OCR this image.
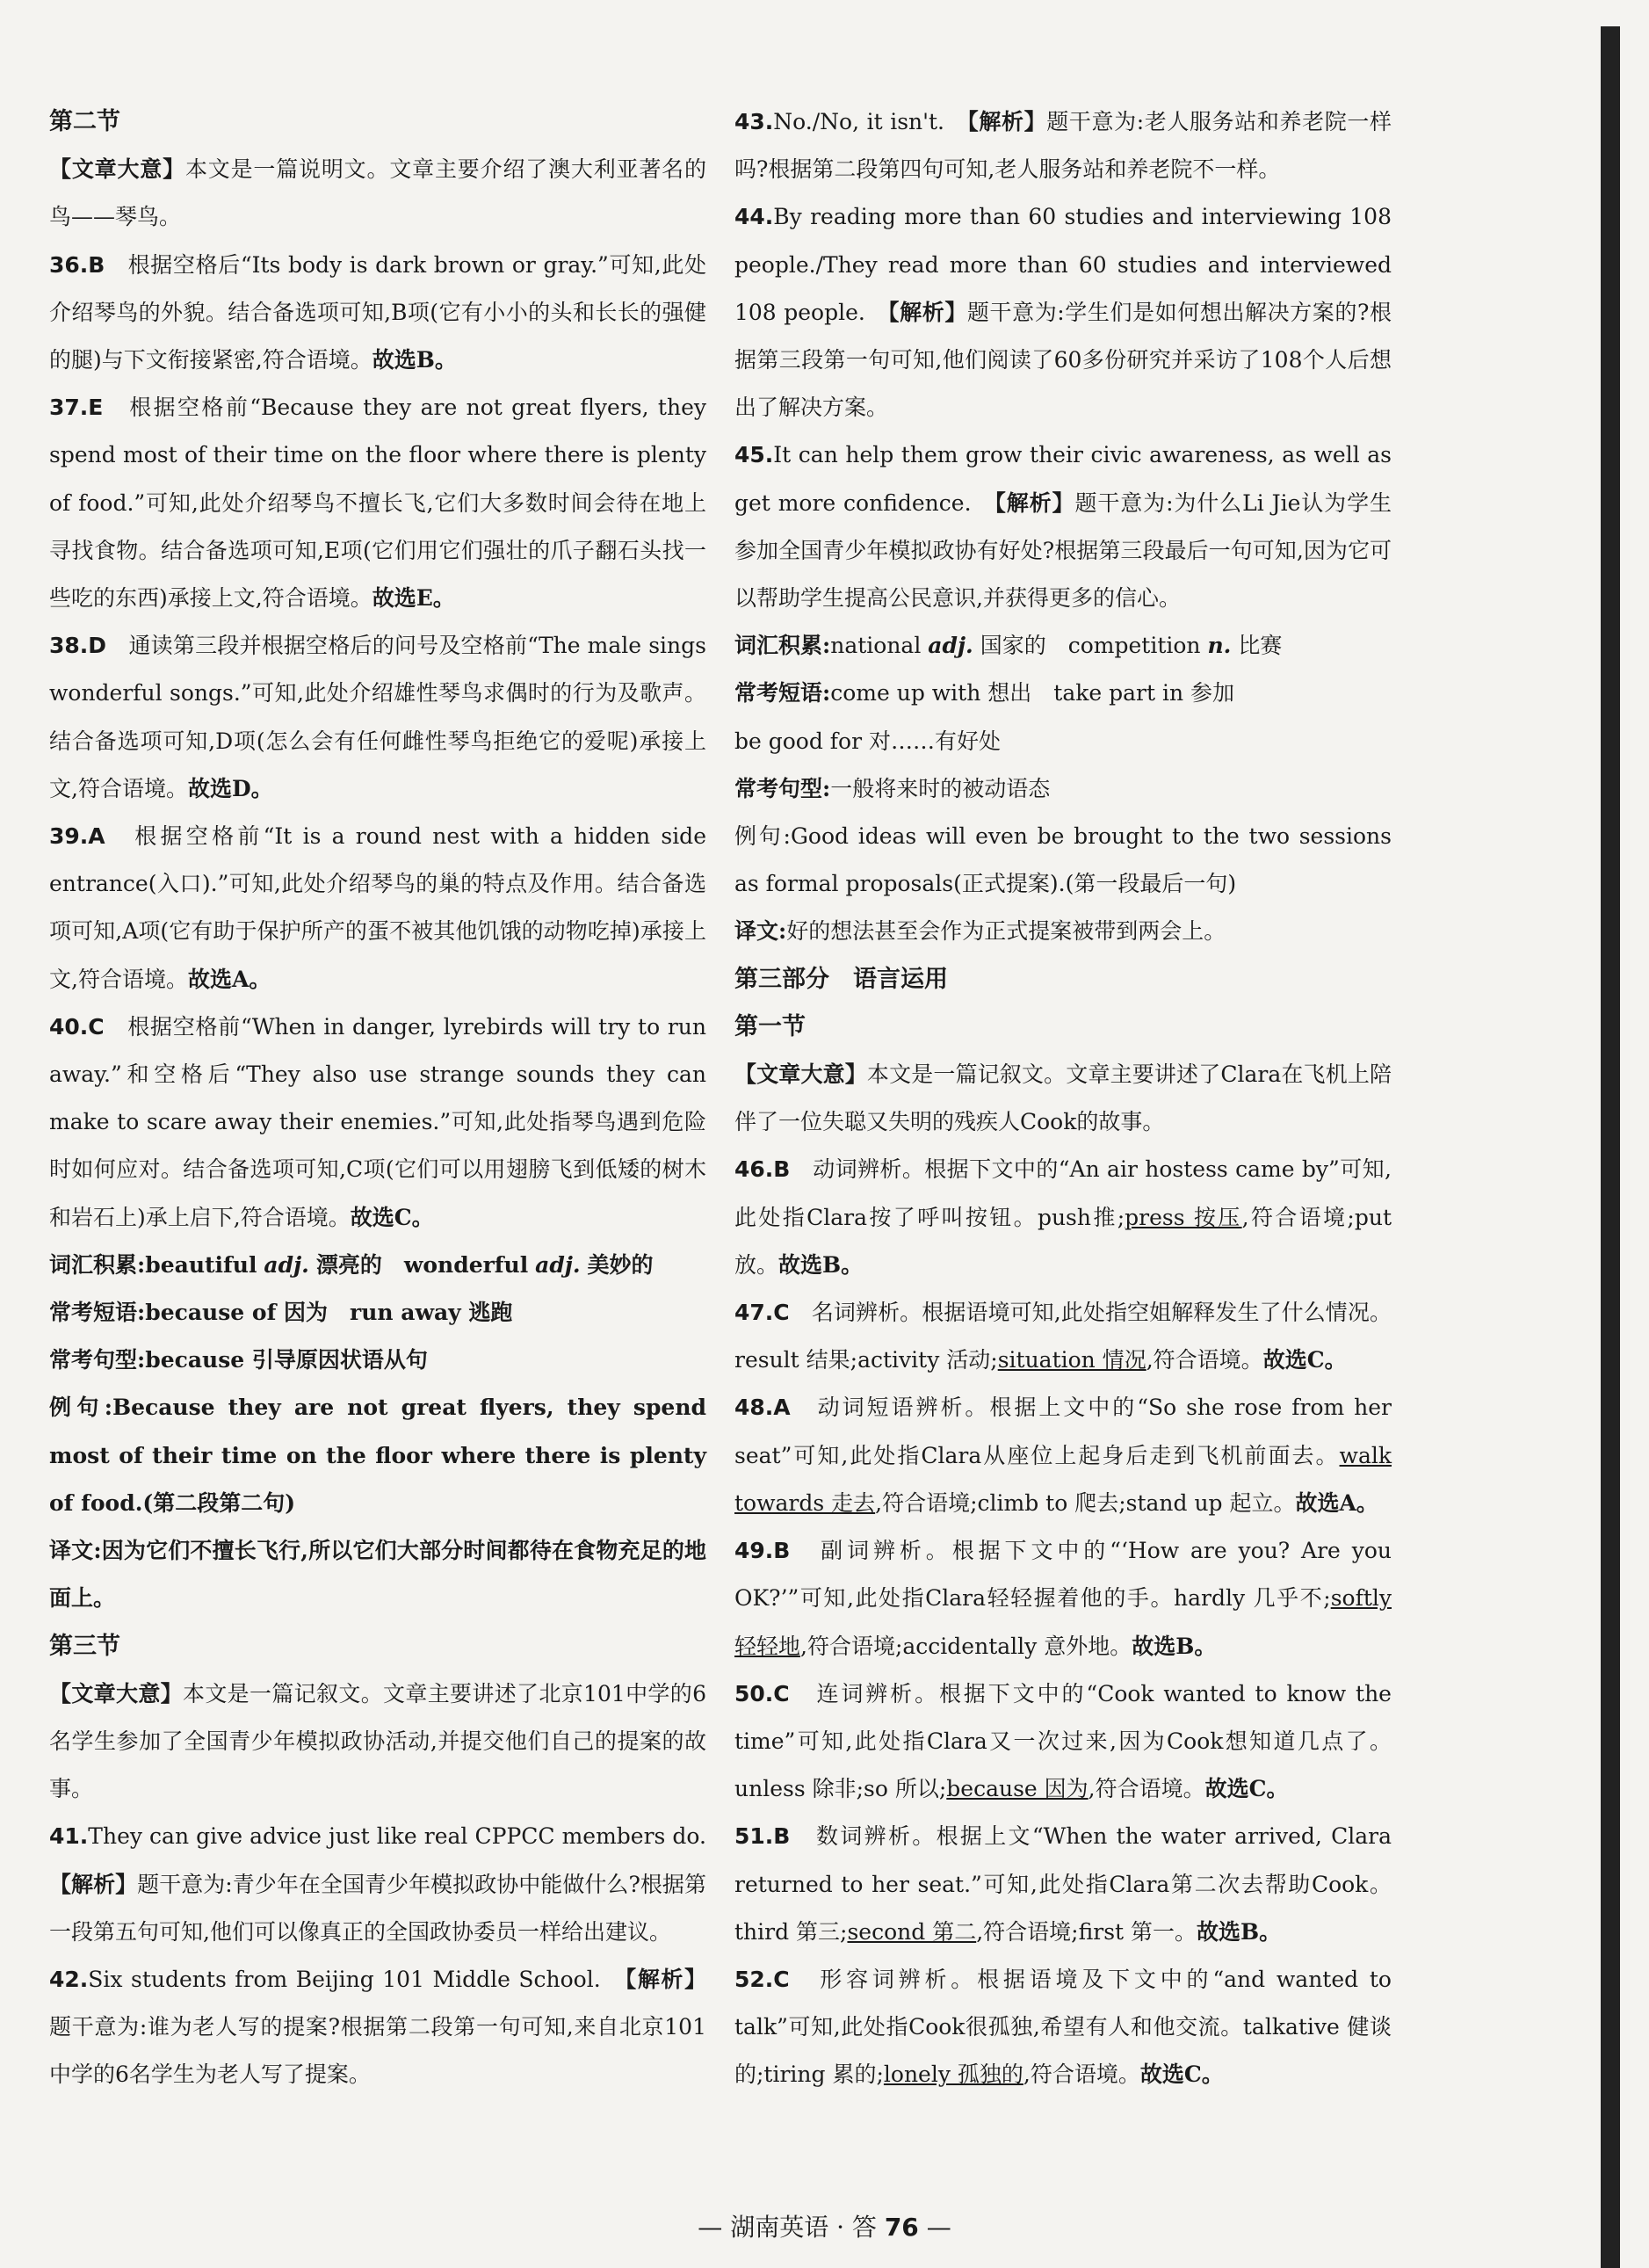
第二节

【文章大意】本文是一篇说明文。文章主要介绍了澳大利亚著名的鸟——琴鸟。

36.B　 根据空格后“Its body is dark brown or gray.”可知,此处介绍琴鸟的外貌。结合备选项可知,B项(它有小小的头和长长的强健的腿)与下文衔接紧密,符合语境。故选B。

37.E　 根据空格前“Because they are not great flyers, they spend most of their time on the floor where there is plenty of food.”可知,此处介绍琴鸟不擅长飞,它们大多数时间会待在地上寻找食物。结合备选项可知,E项(它们用它们强壮的爪子翻石头找一些吃的东西)承接上文,符合语境。故选E。

38.D　 通读第三段并根据空格后的问号及空格前“The male sings wonderful songs.”可知,此处介绍雄性琴鸟求偶时的行为及歌声。结合备选项可知,D项(怎么会有任何雌性琴鸟拒绝它的爱呢)承接上文,符合语境。故选D。

39.A　 根据空格前“It is a round nest with a hidden side entrance(入口).”可知,此处介绍琴鸟的巢的特点及作用。结合备选项可知,A项(它有助于保护所产的蛋不被其他饥饿的动物吃掉)承接上文,符合语境。故选A。

40.C　 根据空格前“When in danger, lyrebirds will try to run away.”和空格后“They also use strange sounds they can make to scare away their enemies.”可知,此处指琴鸟遇到危险时如何应对。结合备选项可知,C项(它们可以用翅膀飞到低矮的树木和岩石上)承上启下,符合语境。故选C。

词汇积累:beautiful adj. 漂亮的　 wonderful adj. 美妙的

常考短语:because of 因为　run away 逃跑

常考句型:because 引导原因状语从句

例句:Because they are not great flyers, they spend most of their time on the floor where there is plenty of food.(第二段第二句)

译文:因为它们不擅长飞行,所以它们大部分时间都待在食物充足的地面上。

第三节

【文章大意】本文是一篇记叙文。文章主要讲述了北京101中学的6名学生参加了全国青少年模拟政协活动,并提交他们自己的提案的故事。

41.They can give advice just like real CPPCC members do.　【解析】题干意为:青少年在全国青少年模拟政协中能做什么?根据第一段第五句可知,他们可以像真正的全国政协委员一样给出建议。

42.Six students from Beijing 101 Middle School.　 【解析】题干意为:谁为老人写的提案?根据第二段第一句可知,来自北京101中学的6名学生为老人写了提案。

43.No./No, it isn't.　 【解析】题干意为:老人服务站和养老院一样吗?根据第二段第四句可知,老人服务站和养老院不一样。

44.By reading more than 60 studies and interviewing 108 people./They read more than 60 studies and interviewed 108 people.　 【解析】题干意为:学生们是如何想出解决方案的?根据第三段第一句可知,他们阅读了60多份研究并采访了108个人后想出了解决方案。

45.It can help them grow their civic awareness, as well as get more confidence.　 【解析】题干意为:为什么Li Jie认为学生参加全国青少年模拟政协有好处?根据第三段最后一句可知,因为它可以帮助学生提高公民意识,并获得更多的信心。

词汇积累:national adj. 国家的　 competition n. 比赛

常考短语:come up with 想出　take part in 参加

be good for 对……有好处

常考句型:一般将来时的被动语态

例句:Good ideas will even be brought to the two sessions as formal proposals(正式提案).(第一段最后一句)

译文:好的想法甚至会作为正式提案被带到两会上。

第三部分　语言运用

第一节

【文章大意】本文是一篇记叙文。文章主要讲述了Clara在飞机上陪伴了一位失聪又失明的残疾人Cook的故事。

46.B　 动词辨析。根据下文中的“An air hostess came by”可知,此处指Clara按了呼叫按钮。push推;press 按压,符合语境;put 放。故选B。

47.C　 名词辨析。根据语境可知,此处指空姐解释发生了什么情况。result 结果;activity 活动;situation 情况,符合语境。故选C。

48.A　 动词短语辨析。根据上文中的“So she rose from her seat”可知,此处指Clara从座位上起身后走到飞机前面去。walk towards 走去,符合语境;climb to 爬去;stand up 起立。故选A。

49.B　 副词辨析。根据下文中的“‘How are you? Are you OK?’”可知,此处指Clara轻轻握着他的手。hardly 几乎不;softly 轻轻地,符合语境;accidentally 意外地。故选B。

50.C　 连词辨析。根据下文中的“Cook wanted to know the time”可知,此处指Clara又一次过来,因为Cook想知道几点了。unless 除非;so 所以;because 因为,符合语境。故选C。

51.B　 数词辨析。根据上文“When the water arrived, Clara returned to her seat.”可知,此处指Clara第二次去帮助Cook。third 第三;second 第二,符合语境;first 第一。故选B。

52.C　 形容词辨析。根据语境及下文中的“and wanted to talk”可知,此处指Cook很孤独,希望有人和他交流。talkative 健谈的;tiring 累的;lonely 孤独的,符合语境。故选C。

— 湖南英语 · 答 76 —
